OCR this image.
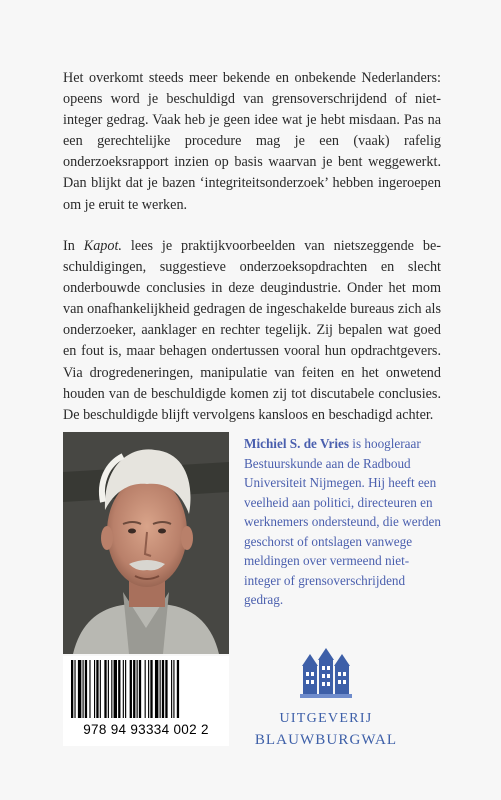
Het overkomt steeds meer bekende en onbekende Nederlanders: opeens word je beschuldigd van grensoverschrijdend of niet-integer gedrag. Vaak heb je geen idee wat je hebt misdaan. Pas na een gerechtelijke procedure mag je een (vaak) rafelig onderzoeksrapport inzien op basis waarvan je bent weggewerkt. Dan blijkt dat je bazen ‘integriteitsonderzoek’ hebben ingeroepen om je eruit te werken.

In Kapot. lees je praktijkvoorbeelden van nietszeggende beschuldigingen, suggestieve onderzoeksopdrachten en slecht onderbouwde conclusies in deze deugindustrie. Onder het mom van onafhankelijkheid gedragen de ingeschakelde bureaus zich als onderzoeker, aanklager en rechter tegelijk. Zij bepalen wat goed en fout is, maar behagen ondertussen vooral hun opdrachtgevers. Via drogredeneringen, manipulatie van feiten en het onwetend houden van de beschuldigde komen zij tot discutabele conclusies. De beschuldigde blijft vervolgens kansloos en beschadigd achter.

Michiel S. de Vries is hoogleraar Bestuurskunde aan de Radboud Universiteit Nijmegen. Hij heeft een veelheid aan politici, directeuren en werknemers ondersteund, die werden geschorst of ontslagen vanwege meldingen over vermeend niet-integer of grensoverschrijdend gedrag.

978 94 93334 002 2

UITGEVERIJ

BLAUWBURGWAL
